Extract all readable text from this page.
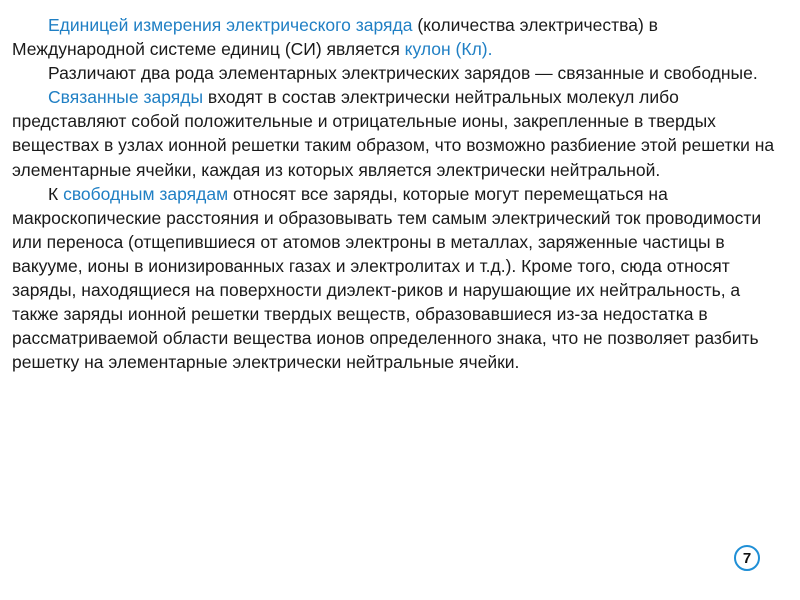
Единицей измерения электрического заряда (количества электричества) в Международной системе единиц (СИ) является кулон (Кл).

Различают два рода элементарных электрических зарядов — связанные и свободные.

Связанные заряды входят в состав электрически нейтральных молекул либо представляют собой положительные и отрицательные ионы, закрепленные в твердых веществах в узлах ионной решетки таким образом, что возможно разбиение этой решетки на элементарные ячейки, каждая из которых является электрически нейтральной.

К свободным зарядам относят все заряды, которые могут перемещаться на макроскопические расстояния и образовывать тем самым электрический ток проводимости или переноса (отщепившиеся от атомов электроны в металлах, заряженные частицы в вакууме, ионы в ионизированных газах и электролитах и т.д.). Кроме того, сюда относят заряды, находящиеся на поверхности диэлект-риков и нарушающие их нейтральность, а также заряды ионной решетки твердых веществ, образовавшиеся из-за недостатка в рассматриваемой области вещества ионов определенного знака, что не позволяет разбить решетку на элементарные электрически нейтральные ячейки.

7
